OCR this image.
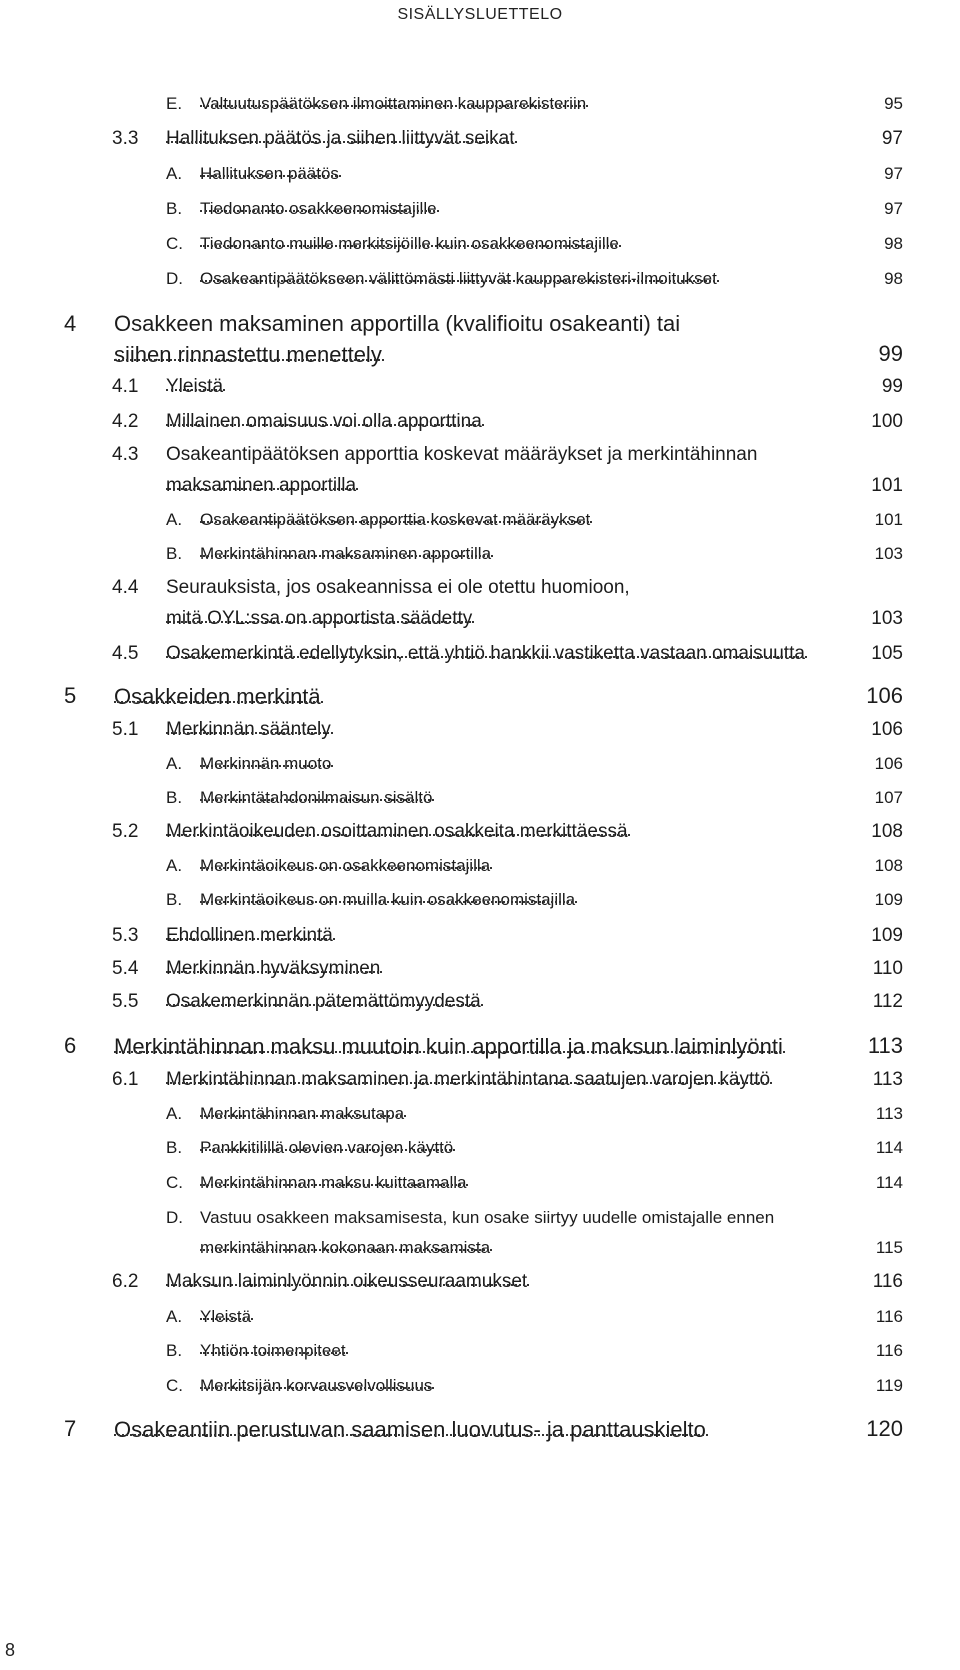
SISÄLLYSLUETTELO
E. Valtuutuspäätöksen ilmoittaminen kaupparekisteriin	95
3.3 Hallituksen päätös ja siihen liittyvät seikat	97
A. Hallituksen päätös	97
B. Tiedonanto osakkeenomistajille	97
C. Tiedonanto muille merkitsijöille kuin osakkeenomistajille	98
D. Osakeantipäätökseen välittömästi liittyvät kaupparekisteri-ilmoitukset	98
4 Osakkeen maksaminen apportilla (kvalifioitu osakeanti) tai
siihen rinnastettu menettely	99
4.1 Yleistä	99
4.2 Millainen omaisuus voi olla apporttina	100
4.3 Osakeantipäätöksen apporttia koskevat määräykset ja merkintähinnan
maksaminen apportilla	101
A. Osakeantipäätöksen apporttia koskevat määräykset	101
B. Merkintähinnan maksaminen apportilla	103
4.4 Seurauksista, jos osakeannissa ei ole otettu huomioon,
mitä OYL:ssa on apportista säädetty	103
4.5 Osakemerkintä edellytyksin, että yhtiö hankkii vastiketta vastaan omaisuutta	105
5 Osakkeiden merkintä	106
5.1 Merkinnän sääntely	106
A. Merkinnän muoto	106
B. Merkintätahdonilmaisun sisältö	107
5.2 Merkintäoikeuden osoittaminen osakkeita merkittäessä	108
A. Merkintäoikeus on osakkeenomistajilla	108
B. Merkintäoikeus on muilla kuin osakkeenomistajilla	109
5.3 Ehdollinen merkintä	109
5.4 Merkinnän hyväksyminen	110
5.5 Osakemerkinnän pätemättömyydestä	112
6 Merkintähinnan maksu muutoin kuin apportilla ja maksun laiminlyönti	113
6.1 Merkintähinnan maksaminen ja merkintähintana saatujen varojen käyttö	113
A. Merkintähinnan maksutapa	113
B. Pankkitilillä olevien varojen käyttö	114
C. Merkintähinnan maksu kuittaamalla	114
D. Vastuu osakkeen maksamisesta, kun osake siirtyy uudelle omistajalle ennen
merkintähinnan kokonaan maksamista	115
6.2 Maksun laiminlyönnin oikeusseuraamukset	116
A. Yleistä	116
B. Yhtiön toimenpiteet	116
C. Merkitsijän korvausvelvollisuus	119
7 Osakeantiin perustuvan saamisen luovutus- ja panttauskielto	120
8
